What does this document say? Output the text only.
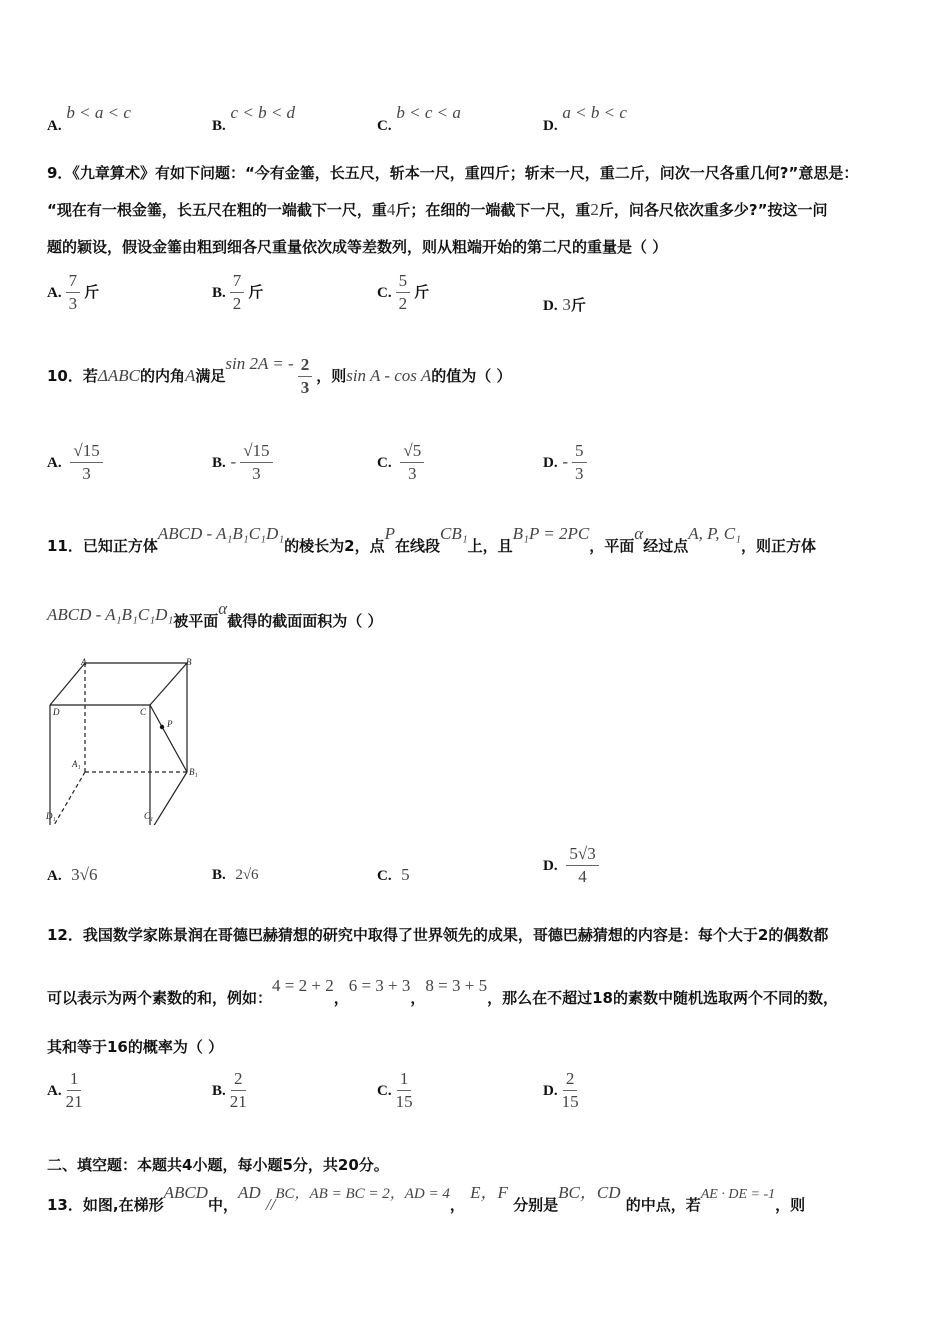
A. b < a < c
B. c < b < d
C. b < c < a
D. a < b < c
9．《九章算术》有如下问题：“今有金箠，长五尺，斩本一尺，重四斤；斩末一尺，重二斤，问次一尺各重几何?”意思是：
“现在有一根金箠，长五尺在粗的一端截下一尺，重4斤；在细的一端截下一尺，重2斤，问各尺依次重多少?”按这一问
题的颖设，假设金箠由粗到细各尺重量依次成等差数列，则从粗端开始的第二尺的重量是（ ）
A. $\frac{7}{3}$ 斤	B. $\frac{7}{2}$ 斤	C. $\frac{5}{2}$ 斤
D. 3斤
10．若ΔABC的内角A满足sin 2A = - $\frac{2}{3}$ ，则sin A - cos A的值为（ ）
A. $\frac{√15}{3}$	B. - $\frac{√15}{3}$	C. $\frac{√5}{3}$	D. - $\frac{5}{3}$
11．已知正方体ABCD - A₁B₁C₁D₁的棱长为2，点P在线段CB₁上，且B₁P = 2PC，平面α经过点A, P, C₁，则正方体
ABCD - A₁B₁C₁D₁被平面α截得的截面面积为（ ）
A	B
C
D
A₁
B₁
C₁
D₁
P
A. 3√6	B. 2√6	C. 5	D. $\frac{5√3}{4}$
12．我国数学家陈景润在哥德巴赫猜想的研究中取得了世界领先的成果，哥德巴赫猜想的内容是：每个大于2的偶数都
可以表示为两个素数的和，例如：4 = 2 + 2，6 = 3 + 3，8 = 3 + 5，那么在不超过18的素数中随机选取两个不同的数，
其和等于16的概率为（ ）
A. $\frac{1}{21}$	B. $\frac{2}{21}$	C. $\frac{1}{15}$	D. $\frac{2}{15}$
二、填空题：本题共4小题，每小题5分，共20分。
13．如图,在梯形ABCD中，AD //BC，AB = BC = 2，AD = 4， E，F 分别是BC，CD 的中点，若AE · DE = -1，则
